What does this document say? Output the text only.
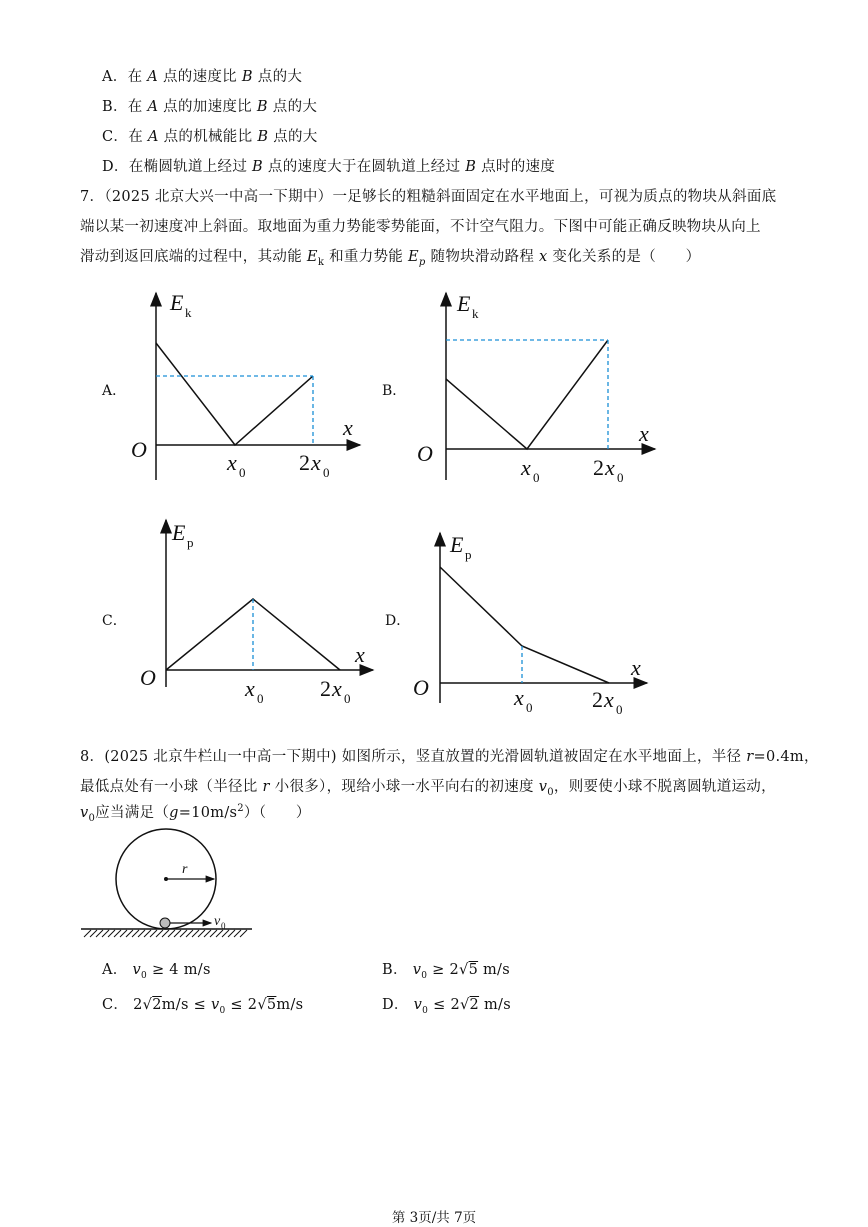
A．在 A 点的速度比 B 点的大
B．在 A 点的加速度比 B 点的大
C．在 A 点的机械能比 B 点的大
D．在椭圆轨道上经过 B 点的速度大于在圆轨道上经过 B 点时的速度
7．（2025 北京大兴一中高一下期中）一足够长的粗糙斜面固定在水平地面上，可视为质点的物块从斜面底
端以某一初速度冲上斜面。取地面为重力势能零势能面，不计空气阻力。下图中可能正确反映物块从向上
滑动到返回底端的过程中，其动能 $E_k$ 和重力势能 $E_p$ 随物块滑动路程 x 变化关系的是（　　）
A．	B．
C．	D．
E k
O
x
x 0 2 x 0
E k
O
x
x 0 2 x 0
E p
O
x
x 0	2 x 0
E p
O
x
x 0	2 x 0
8．(2025 北京牛栏山一中高一下期中) 如图所示，竖直放置的光滑圆轨道被固定在水平地面上，半径 r=0.4m，
最低点处有一小球（半径比 r 小很多），现给小球一水平向右的初速度 $v_0$，则要使小球不脱离圆轨道运动，
$v_0$应当满足$(g=10m/s^2)$（　　）
r
v 0
A． $v_0 \ge 4$ m/s	B． $v_0 \ge 2√5$ m/s
C． $2√2m/s \le v_0 \le 2√5m/s$	D． $v_0 \le 2√2$ m/s
第 3页/共 7页
